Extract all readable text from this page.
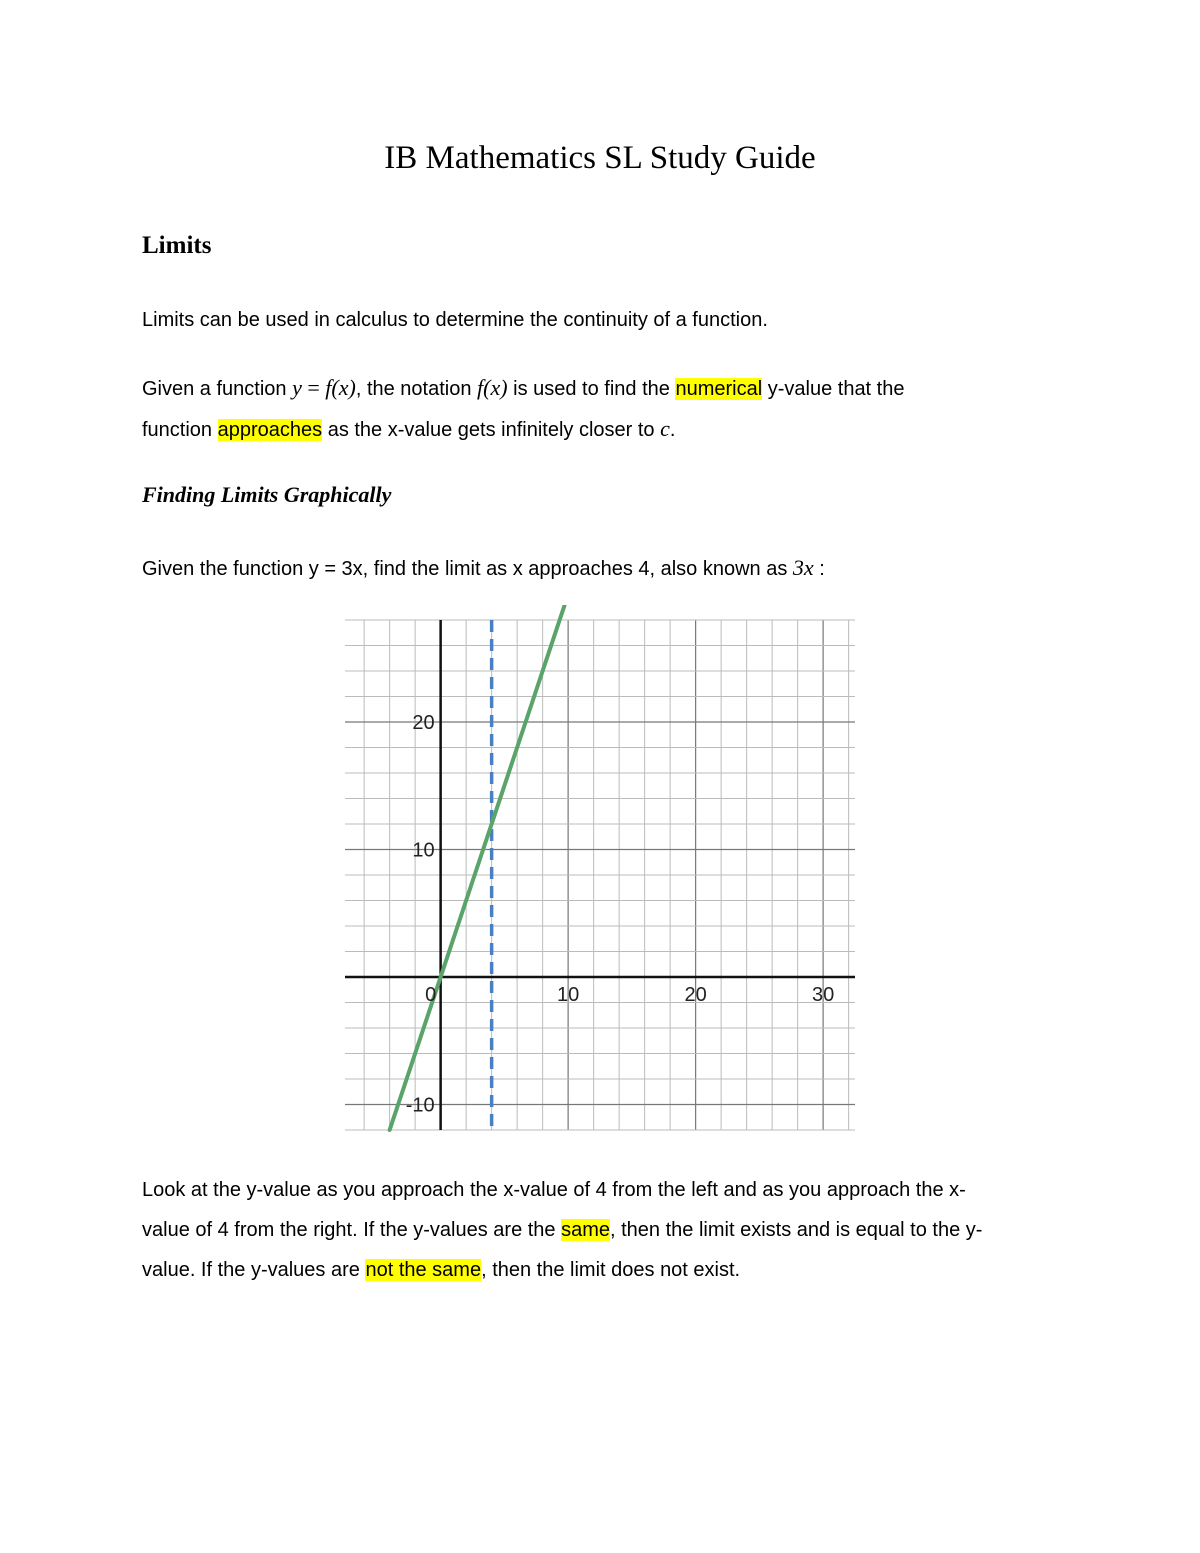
IB Mathematics SL Study Guide
Limits
Limits can be used in calculus to determine the continuity of a function.
Given a function y = f(x), the notation f(x) is used to find the numerical y-value that the
function approaches as the x-value gets infinitely closer to c.
Finding Limits Graphically
Given the function y = 3x, find the limit as x approaches 4, also known as 3x :
0	10	20	30
-10
10
20
Look at the y-value as you approach the x-value of 4 from the left and as you approach the x-
value of 4 from the right. If the y-values are the same, then the limit exists and is equal to the y-
value. If the y-values are not the same, then the limit does not exist.
